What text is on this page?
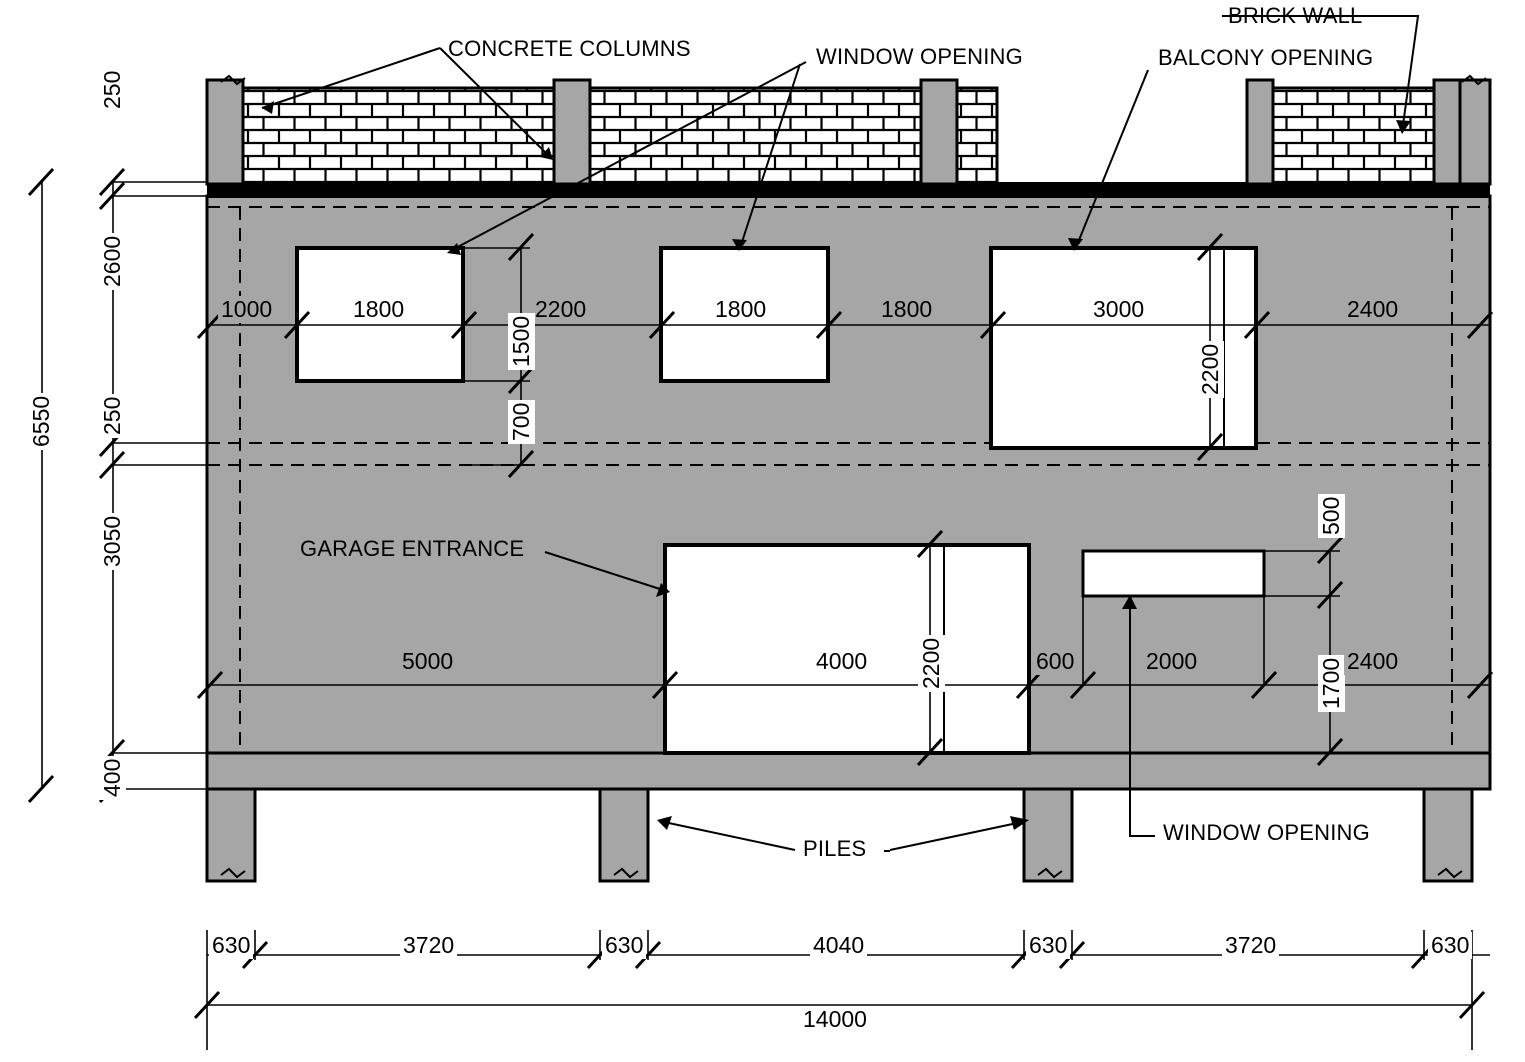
CONCRETE COLUMNS	WINDOW OPENING
BRICK WALL
BALCONY OPENING
GARAGE ENTRANCE
WINDOW OPENING
PILES
1000	1800	2200	1800	1800	3000	2400
1500
700
2200
2200
500
1700
5000	4000	600	2000	2400
250
2600
250
3050
400
6550
630	3720	630	4040	630	3720	630
14000
